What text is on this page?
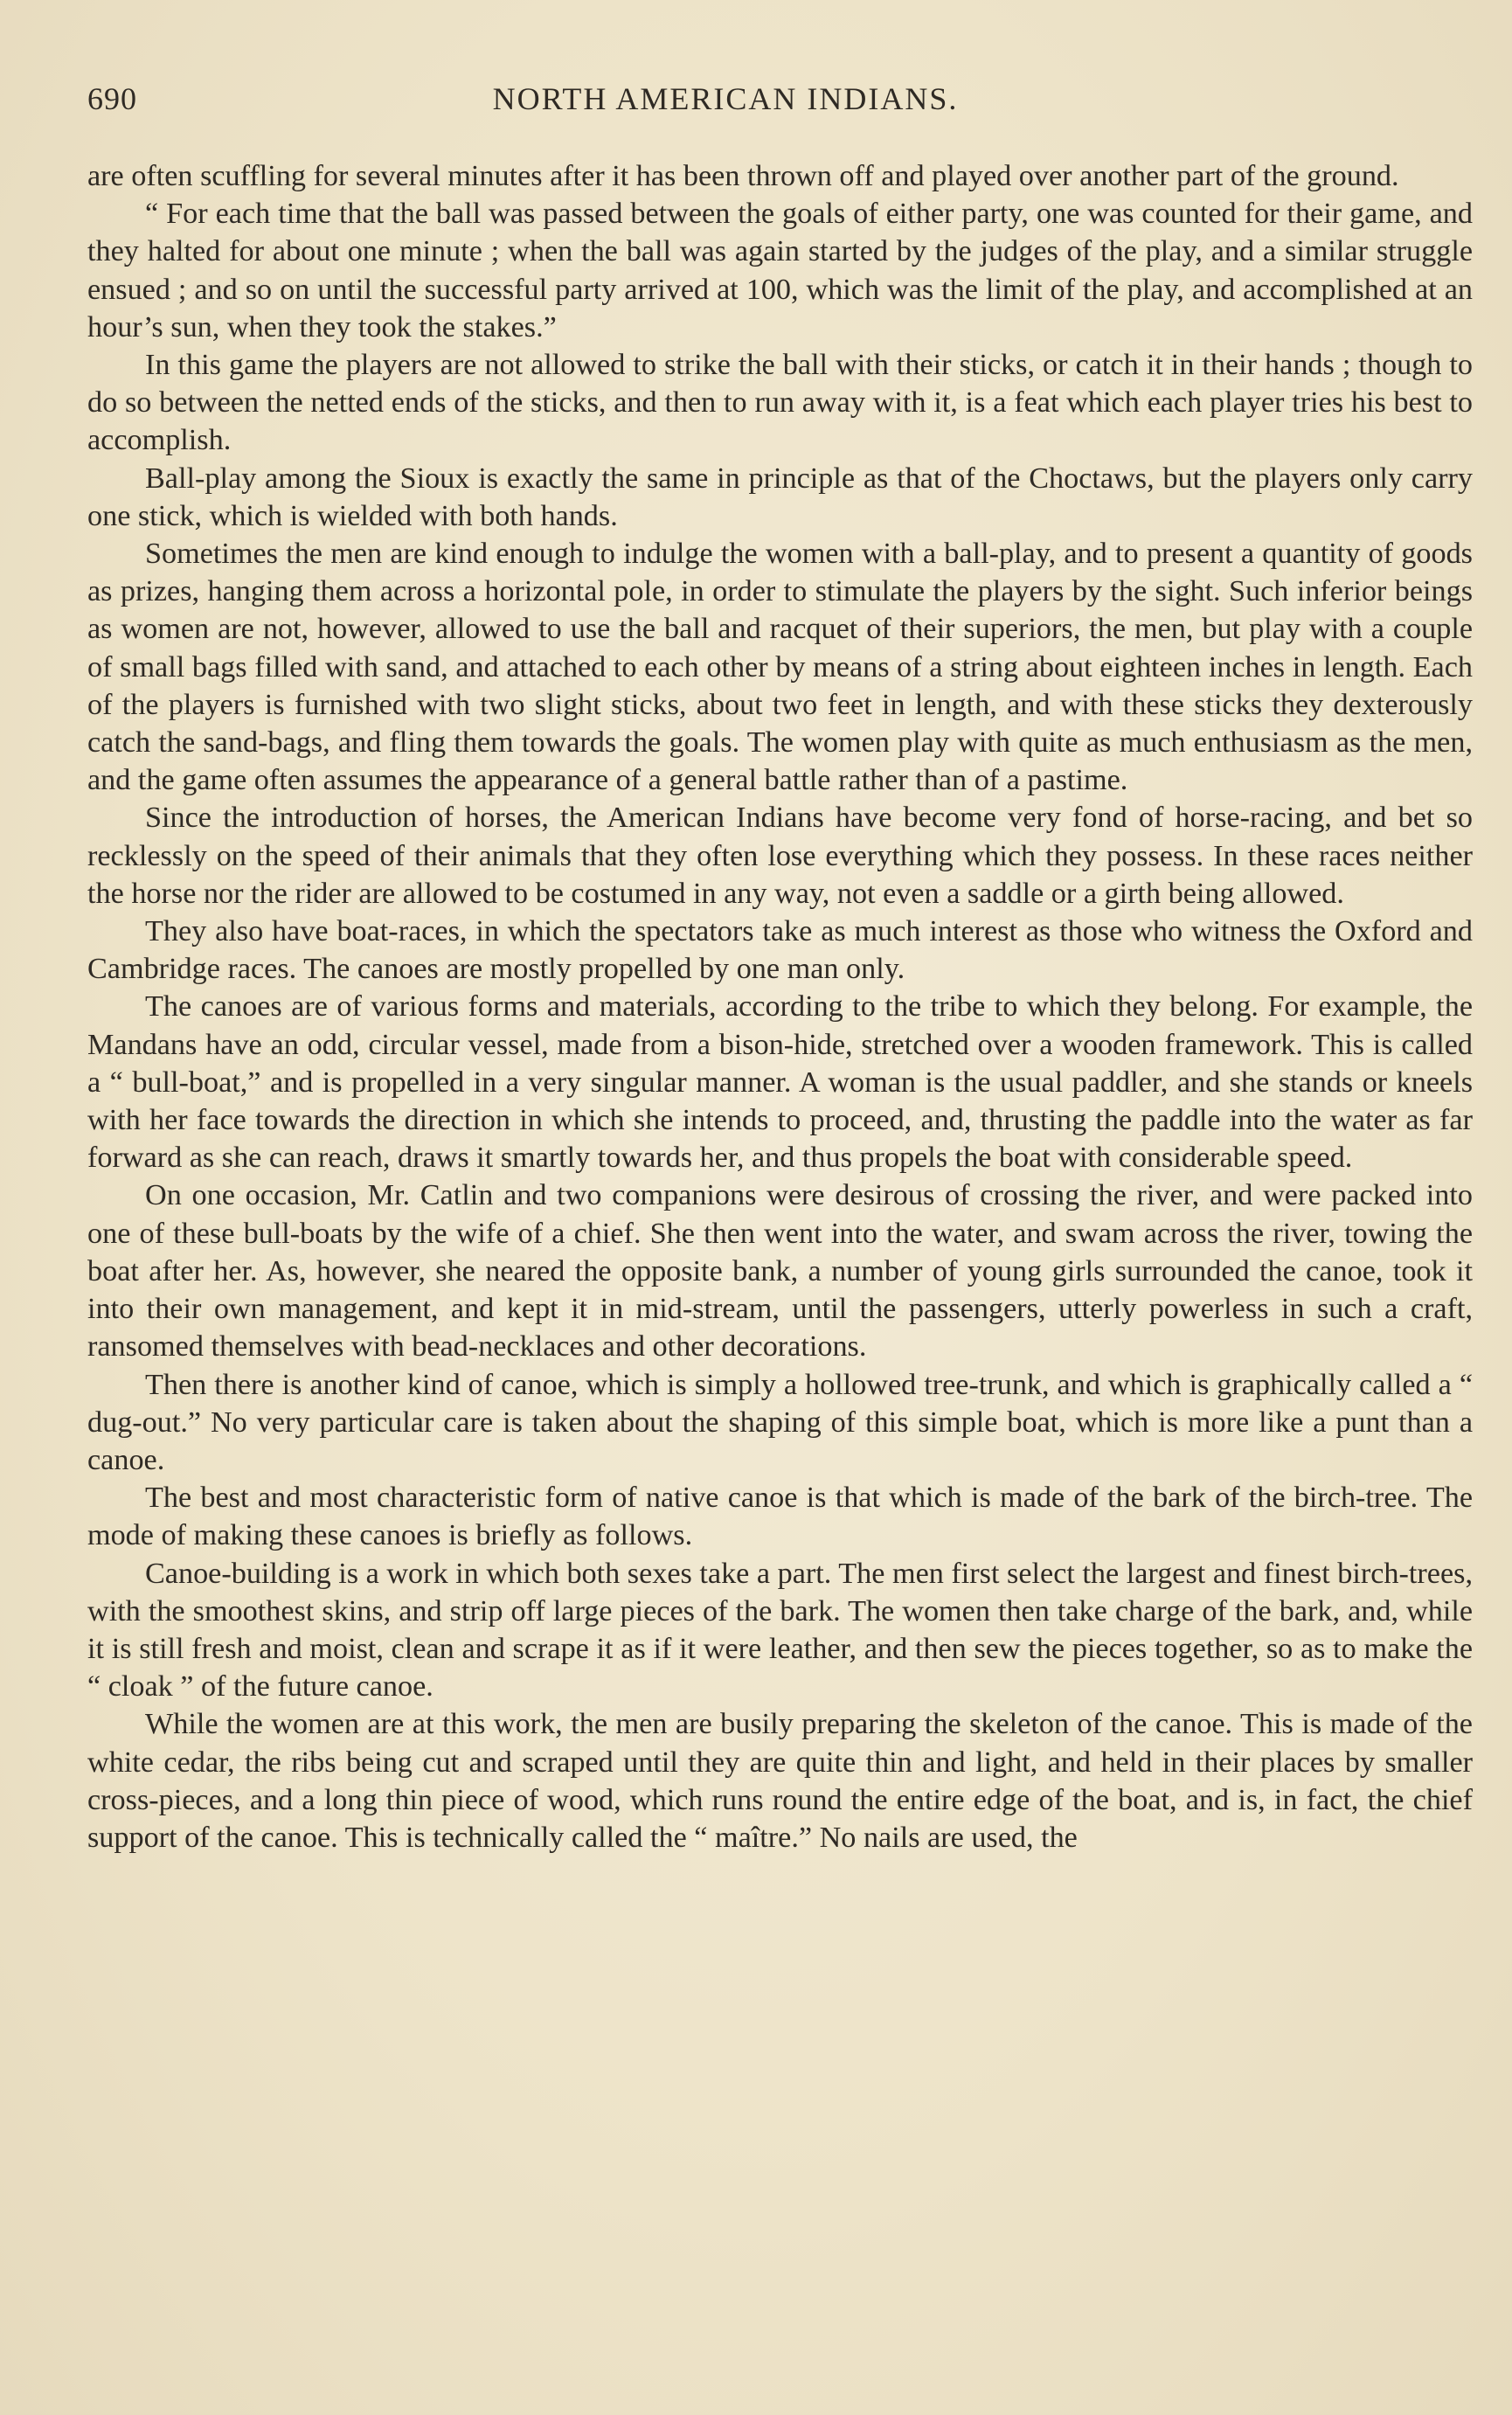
690	NORTH AMERICAN INDIANS.

are often scuffling for several minutes after it has been thrown off and played over another part of the ground.

“ For each time that the ball was passed between the goals of either party, one was counted for their game, and they halted for about one minute ; when the ball was again started by the judges of the play, and a similar struggle ensued ; and so on until the successful party arrived at 100, which was the limit of the play, and accomplished at an hour’s sun, when they took the stakes.”

In this game the players are not allowed to strike the ball with their sticks, or catch it in their hands ; though to do so between the netted ends of the sticks, and then to run away with it, is a feat which each player tries his best to accomplish.

Ball-play among the Sioux is exactly the same in principle as that of the Choctaws, but the players only carry one stick, which is wielded with both hands.

Sometimes the men are kind enough to indulge the women with a ball-play, and to present a quantity of goods as prizes, hanging them across a horizontal pole, in order to stimulate the players by the sight. Such inferior beings as women are not, however, allowed to use the ball and racquet of their superiors, the men, but play with a couple of small bags filled with sand, and attached to each other by means of a string about eighteen inches in length. Each of the players is furnished with two slight sticks, about two feet in length, and with these sticks they dexterously catch the sand-bags, and fling them towards the goals. The women play with quite as much enthusiasm as the men, and the game often assumes the appearance of a general battle rather than of a pastime.

Since the introduction of horses, the American Indians have become very fond of horse-racing, and bet so recklessly on the speed of their animals that they often lose everything which they possess. In these races neither the horse nor the rider are allowed to be costumed in any way, not even a saddle or a girth being allowed.

They also have boat-races, in which the spectators take as much interest as those who witness the Oxford and Cambridge races. The canoes are mostly propelled by one man only.

The canoes are of various forms and materials, according to the tribe to which they belong. For example, the Mandans have an odd, circular vessel, made from a bison-hide, stretched over a wooden framework. This is called a “ bull-boat,” and is propelled in a very singular manner. A woman is the usual paddler, and she stands or kneels with her face towards the direction in which she intends to proceed, and, thrusting the paddle into the water as far forward as she can reach, draws it smartly towards her, and thus propels the boat with considerable speed.

On one occasion, Mr. Catlin and two companions were desirous of crossing the river, and were packed into one of these bull-boats by the wife of a chief. She then went into the water, and swam across the river, towing the boat after her. As, however, she neared the opposite bank, a number of young girls surrounded the canoe, took it into their own management, and kept it in mid-stream, until the passengers, utterly powerless in such a craft, ransomed themselves with bead-necklaces and other decorations.

Then there is another kind of canoe, which is simply a hollowed tree-trunk, and which is graphically called a “ dug-out.” No very particular care is taken about the shaping of this simple boat, which is more like a punt than a canoe.

The best and most characteristic form of native canoe is that which is made of the bark of the birch-tree. The mode of making these canoes is briefly as follows.

Canoe-building is a work in which both sexes take a part. The men first select the largest and finest birch-trees, with the smoothest skins, and strip off large pieces of the bark. The women then take charge of the bark, and, while it is still fresh and moist, clean and scrape it as if it were leather, and then sew the pieces together, so as to make the “ cloak ” of the future canoe.

While the women are at this work, the men are busily preparing the skeleton of the canoe. This is made of the white cedar, the ribs being cut and scraped until they are quite thin and light, and held in their places by smaller cross-pieces, and a long thin piece of wood, which runs round the entire edge of the boat, and is, in fact, the chief support of the canoe. This is technically called the “ maître.” No nails are used, the
